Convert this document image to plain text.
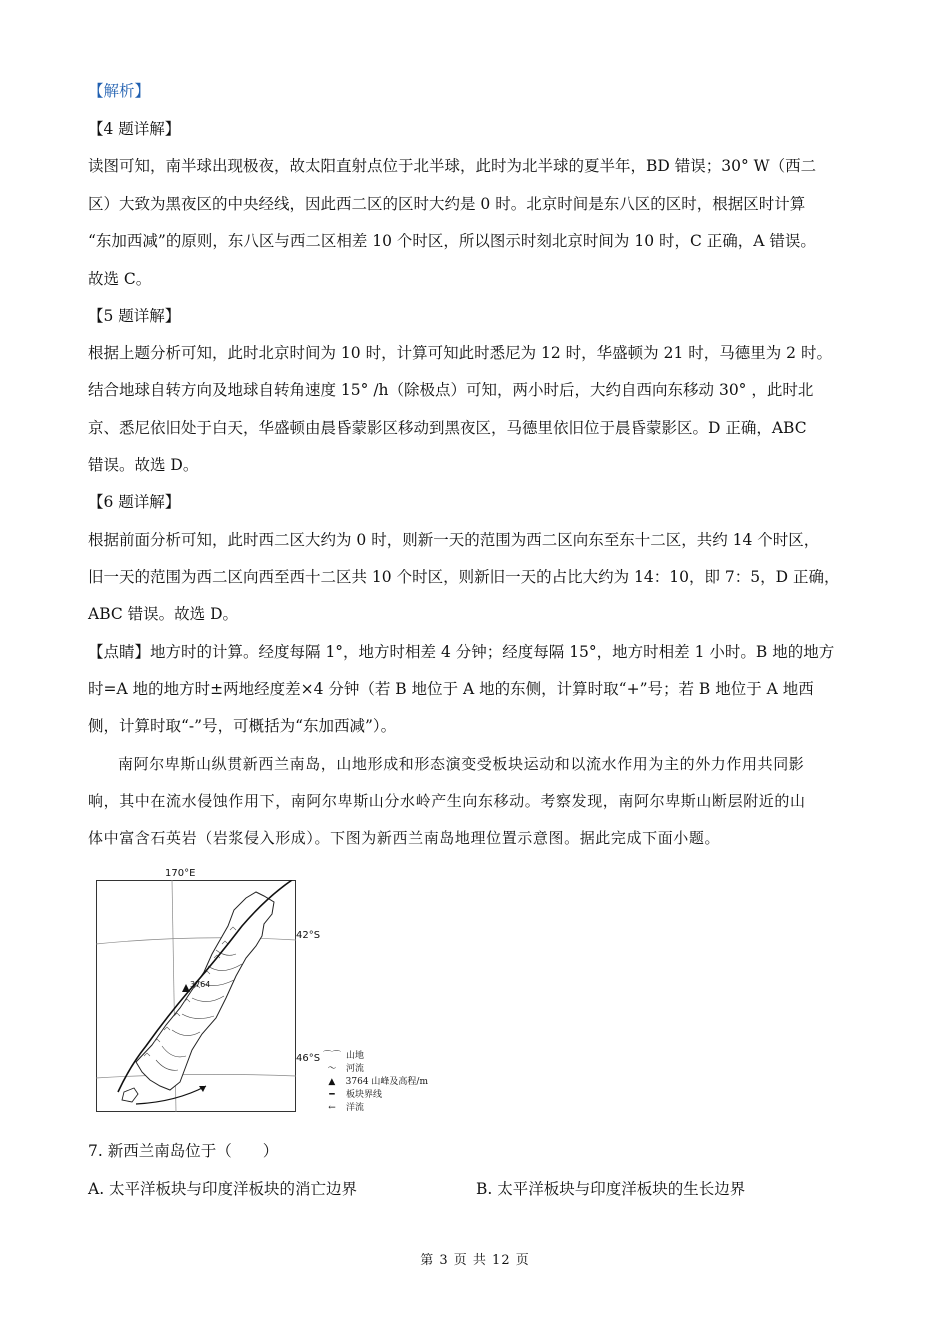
【解析】
【4 题详解】
读图可知，南半球出现极夜，故太阳直射点位于北半球，此时为北半球的夏半年，BD 错误；30° W（西二
区）大致为黑夜区的中央经线，因此西二区的区时大约是 0 时。北京时间是东八区的区时，根据区时计算
“东加西减”的原则，东八区与西二区相差 10 个时区，所以图示时刻北京时间为 10 时，C 正确，A 错误。
故选 C。
【5 题详解】
根据上题分析可知，此时北京时间为 10 时，计算可知此时悉尼为 12 时，华盛顿为 21 时，马德里为 2 时。
结合地球自转方向及地球自转角速度 15° /h（除极点）可知，两小时后，大约自西向东移动 30° ，此时北
京、悉尼依旧处于白天，华盛顿由晨昏蒙影区移动到黑夜区，马德里依旧位于晨昏蒙影区。D 正确，ABC
错误。故选 D。
【6 题详解】
根据前面分析可知，此时西二区大约为 0 时，则新一天的范围为西二区向东至东十二区，共约 14 个时区，
旧一天的范围为西二区向西至西十二区共 10 个时区，则新旧一天的占比大约为 14：10，即 7：5，D 正确，
ABC 错误。故选 D。
【点睛】地方时的计算。经度每隔 1°，地方时相差 4 分钟；经度每隔 15°，地方时相差 1 小时。B 地的地方
时=A 地的地方时±两地经度差×4 分钟（若 B 地位于 A 地的东侧，计算时取“+”号；若 B 地位于 A 地西
侧，计算时取“-”号，可概括为“东加西减”）。
南阿尔卑斯山纵贯新西兰南岛，山地形成和形态演变受板块运动和以流水作用为主的外力作用共同影
响，其中在流水侵蚀作用下，南阿尔卑斯山分水岭产生向东移动。考察发现，南阿尔卑斯山断层附近的山
体中富含石英岩（岩浆侵入形成）。下图为新西兰南岛地理位置示意图。据此完成下面小题。
170°E
42°S
46°S
3764
⌒⌒ 山地
～	河流
▲	3764 山峰及高程/m
━	板块界线
←	洋流
7. 新西兰南岛位于（　　）
A. 太平洋板块与印度洋板块的消亡边界	B. 太平洋板块与印度洋板块的生长边界
第 3 页 共 12 页
